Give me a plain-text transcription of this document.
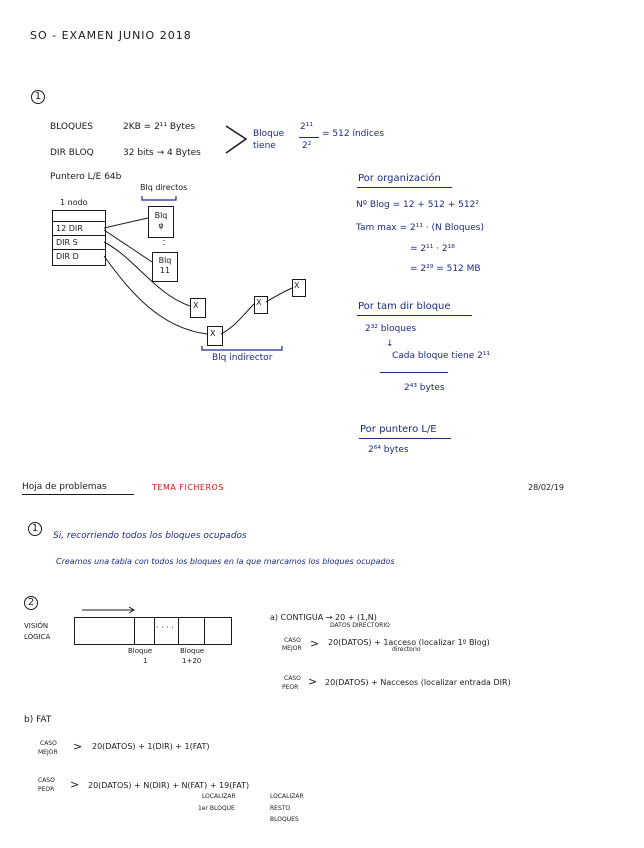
SO - EXAMEN JUNIO 2018
1
BLOQUES	2KB = 2¹¹ Bytes
DIR BLOQ	32 bits → 4 Bytes
Bloque tiene
2¹¹
2²
= 512 índices
Puntero L/E 64b
1 nodo
12 DIR
DIR S
DIR D
Blq directos
Blq φ
Blq 11
X
X
X
X
Blq indirector
Por organización
Nº Blog = 12 + 512 + 512²
Tam max = 2¹¹ · (N Bloques)
= 2¹¹ · 2¹⁸
= 2²⁹ = 512 MB
Por tam dir bloque
2³² bloques
↓
Cada bloque tiene 2¹¹
2⁴³ bytes
Por puntero L/E
2⁶⁴ bytes
Hoja de problemas	TEMA FICHEROS	28/02/19
1
Si, recorriendo todos los bloques ocupados
Creamos una tabla con todos los bloques en la que marcamos los bloques ocupados
2
VISIÓN
LÓGICA
· · · ·
Bloque
1
Bloque
1+20
a) CONTIGUA → 20 + (1,N)
DATOS DIRECTORIO
CASO
MEJOR > 20(DATOS) + 1acceso (localizar 1º Blog)
directorio
CASO
PEOR > 20(DATOS) + Naccesos (localizar entrada DIR)
b) FAT
CASO
MEJOR > 20(DATOS) + 1(DIR) + 1(FAT)
CASO
PEOR > 20(DATOS) + N(DIR) + N(FAT) + 19(FAT)
LOCALIZAR
1er BLOQUE
LOCALIZAR
RESTO
BLOQUES
